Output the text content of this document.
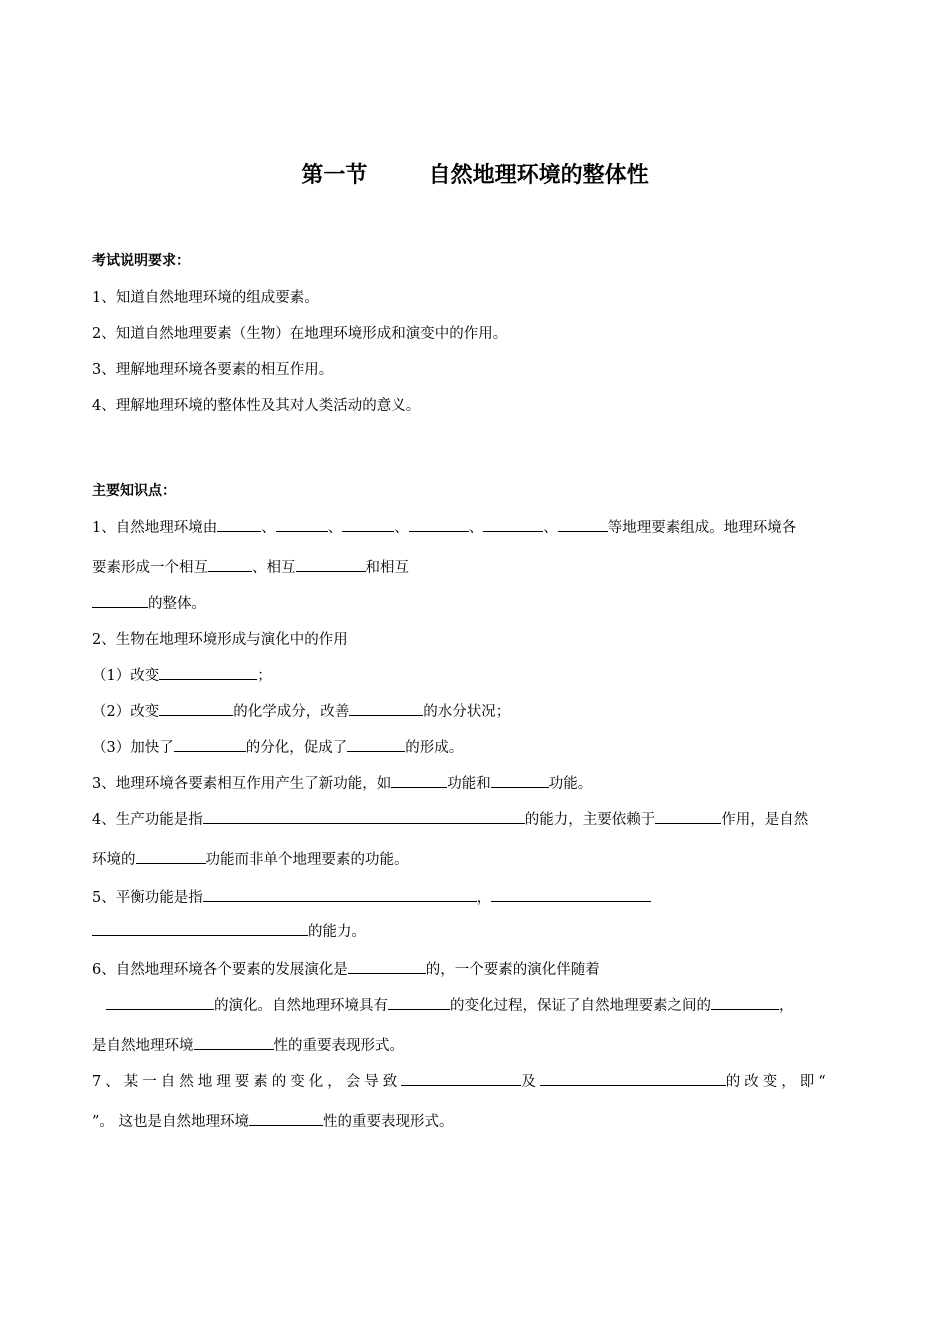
第一节        自然地理环境的整体性
考试说明要求：
1、知道自然地理环境的组成要素。
2、知道自然地理要素（生物）在地理环境形成和演变中的作用。
3、理解地理环境各要素的相互作用。
4、理解地理环境的整体性及其对人类活动的意义。
主要知识点：
1、自然地理环境由	、	、	、	、	、	等地理要素组成。地理环境各
要素形成一个相互	、相互	和相互
的整体。
2、生物在地理环境形成与演化中的作用
（1）改变	；
（2）改变	的化学成分，改善	的水分状况；
（3）加快了	的分化，促成了	的形成。
3、地理环境各要素相互作用产生了新功能，如	功能和	功能。
4、生产功能是指	的能力，主要依赖于	作用，是自然
环境的	功能而非单个地理要素的功能。
5、平衡功能是指	，
的能力。
6、自然地理环境各个要素的发展演化是	的，一个要素的演化伴随着
的演化。自然地理环境具有	的变化过程，保证了自然地理要素之间的	，
是自然地理环境	性的重要表现形式。
7、某一自然地理要素的变化，会导致	及	的改变，即“
”。 这也是自然地理环境	性的重要表现形式。
